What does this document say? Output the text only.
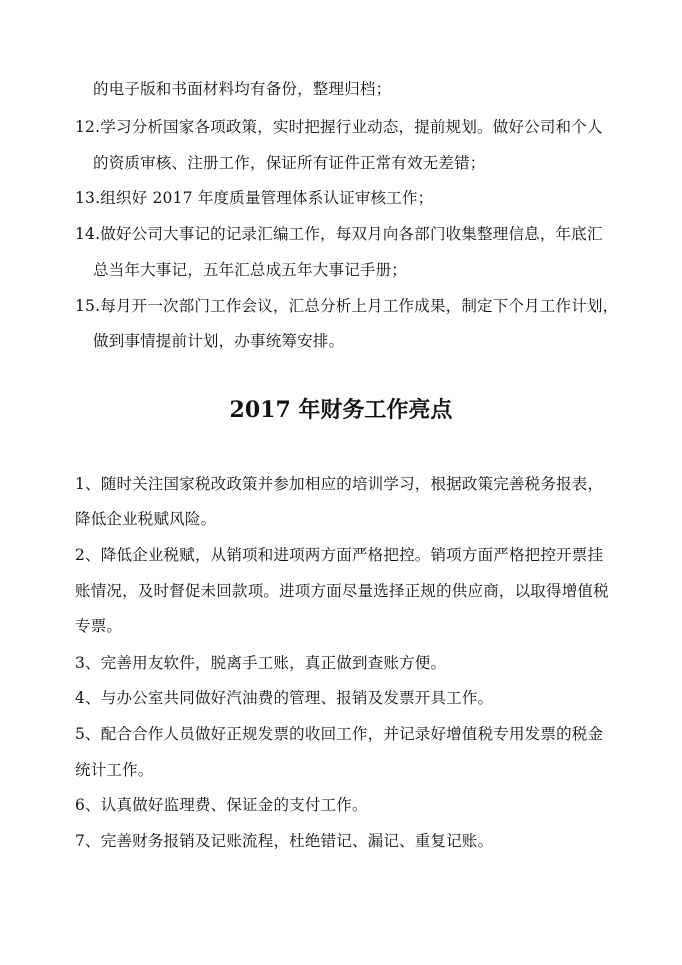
的电子版和书面材料均有备份，整理归档；
12.学习分析国家各项政策，实时把握行业动态，提前规划。做好公司和个人
的资质审核、注册工作，保证所有证件正常有效无差错；
13.组织好 2017 年度质量管理体系认证审核工作；
14.做好公司大事记的记录汇编工作，每双月向各部门收集整理信息，年底汇
总当年大事记，五年汇总成五年大事记手册；
15.每月开一次部门工作会议，汇总分析上月工作成果，制定下个月工作计划，
做到事情提前计划，办事统筹安排。
2017 年财务工作亮点
1、随时关注国家税改政策并参加相应的培训学习，根据政策完善税务报表，
降低企业税赋风险。
2、降低企业税赋，从销项和进项两方面严格把控。销项方面严格把控开票挂
账情况，及时督促未回款项。进项方面尽量选择正规的供应商，以取得增值税
专票。
3、完善用友软件，脱离手工账，真正做到查账方便。
4、与办公室共同做好汽油费的管理、报销及发票开具工作。
5、配合合作人员做好正规发票的收回工作，并记录好增值税专用发票的税金
统计工作。
6、认真做好监理费、保证金的支付工作。
7、完善财务报销及记账流程，杜绝错记、漏记、重复记账。
